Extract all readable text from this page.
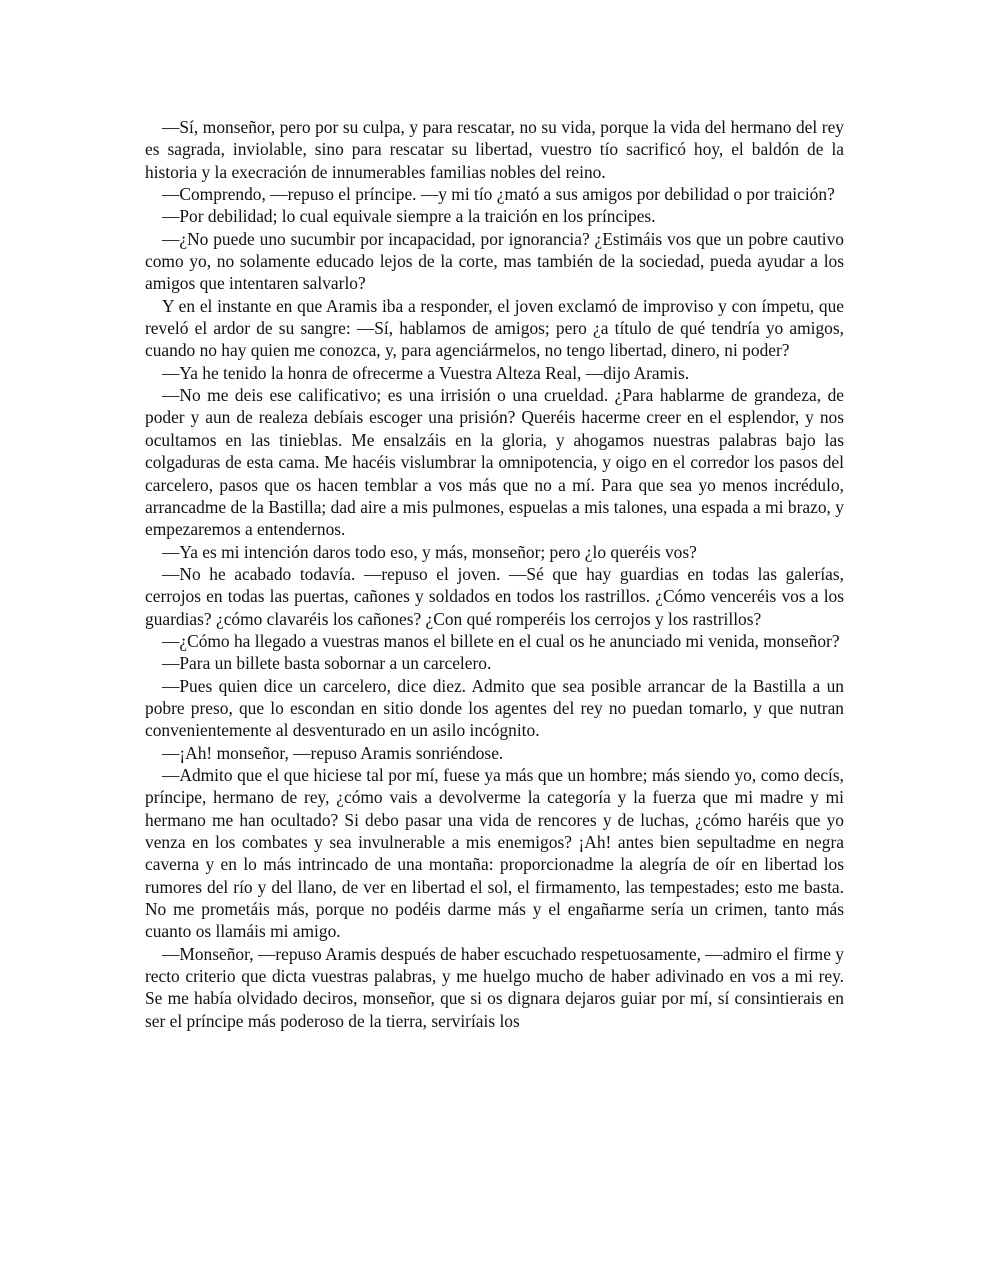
—Sí, monseñor, pero por su culpa, y para rescatar, no su vida, porque la vida del hermano del rey es sagrada, inviolable, sino para rescatar su libertad, vuestro tío sacrificó hoy, el baldón de la historia y la execración de innumerables familias nobles del reino.

—Comprendo, —repuso el príncipe. —y mi tío ¿mató a sus amigos por debilidad o por traición?

—Por debilidad; lo cual equivale siempre a la traición en los príncipes.

—¿No puede uno sucumbir por incapacidad, por ignorancia? ¿Estimáis vos que un pobre cautivo como yo, no solamente educado lejos de la corte, mas también de la sociedad, pueda ayudar a los amigos que intentaren salvarlo?

Y en el instante en que Aramis iba a responder, el joven exclamó de improviso y con ímpetu, que reveló el ardor de su sangre: —Sí, hablamos de amigos; pero ¿a título de qué tendría yo amigos, cuando no hay quien me conozca, y, para agenciármelos, no tengo libertad, dinero, ni poder?

—Ya he tenido la honra de ofrecerme a Vuestra Alteza Real, —dijo Aramis.

—No me deis ese calificativo; es una irrisión o una crueldad. ¿Para hablarme de grandeza, de poder y aun de realeza debíais escoger una prisión? Queréis hacerme creer en el esplendor, y nos ocultamos en las tinieblas. Me ensalzáis en la gloria, y ahogamos nuestras palabras bajo las colgaduras de esta cama. Me hacéis vislumbrar la omnipotencia, y oigo en el corredor los pasos del carcelero, pasos que os hacen temblar a vos más que no a mí. Para que sea yo menos incrédulo, arrancadme de la Bastilla; dad aire a mis pulmones, espuelas a mis talones, una espada a mi brazo, y empezaremos a entendernos.

—Ya es mi intención daros todo eso, y más, monseñor; pero ¿lo queréis vos?

—No he acabado todavía. —repuso el joven. —Sé que hay guardias en todas las galerías, cerrojos en todas las puertas, cañones y soldados en todos los rastrillos. ¿Cómo venceréis vos a los guardias? ¿cómo clavaréis los cañones? ¿Con qué romperéis los cerrojos y los rastrillos?

—¿Cómo ha llegado a vuestras manos el billete en el cual os he anunciado mi venida, monseñor?

—Para un billete basta sobornar a un carcelero.

—Pues quien dice un carcelero, dice diez. Admito que sea posible arrancar de la Bastilla a un pobre preso, que lo escondan en sitio donde los agentes del rey no puedan tomarlo, y que nutran convenientemente al desventurado en un asilo incógnito.

—¡Ah! monseñor, —repuso Aramis sonriéndose.

—Admito que el que hiciese tal por mí, fuese ya más que un hombre; más siendo yo, como decís, príncipe, hermano de rey, ¿cómo vais a devolverme la categoría y la fuerza que mi madre y mi hermano me han ocultado? Si debo pasar una vida de rencores y de luchas, ¿cómo haréis que yo venza en los combates y sea invulnerable a mis enemigos? ¡Ah! antes bien sepultadme en negra caverna y en lo más intrincado de una montaña: proporcionadme la alegría de oír en libertad los rumores del río y del llano, de ver en libertad el sol, el firmamento, las tempestades; esto me basta. No me prometáis más, porque no podéis darme más y el engañarme sería un crimen, tanto más cuanto os llamáis mi amigo.

—Monseñor, —repuso Aramis después de haber escuchado respetuosamente, —admiro el firme y recto criterio que dicta vuestras palabras, y me huelgo mucho de haber adivinado en vos a mi rey. Se me había olvidado deciros, monseñor, que si os dignara dejaros guiar por mí, sí consintierais en ser el príncipe más poderoso de la tierra, serviríais los
